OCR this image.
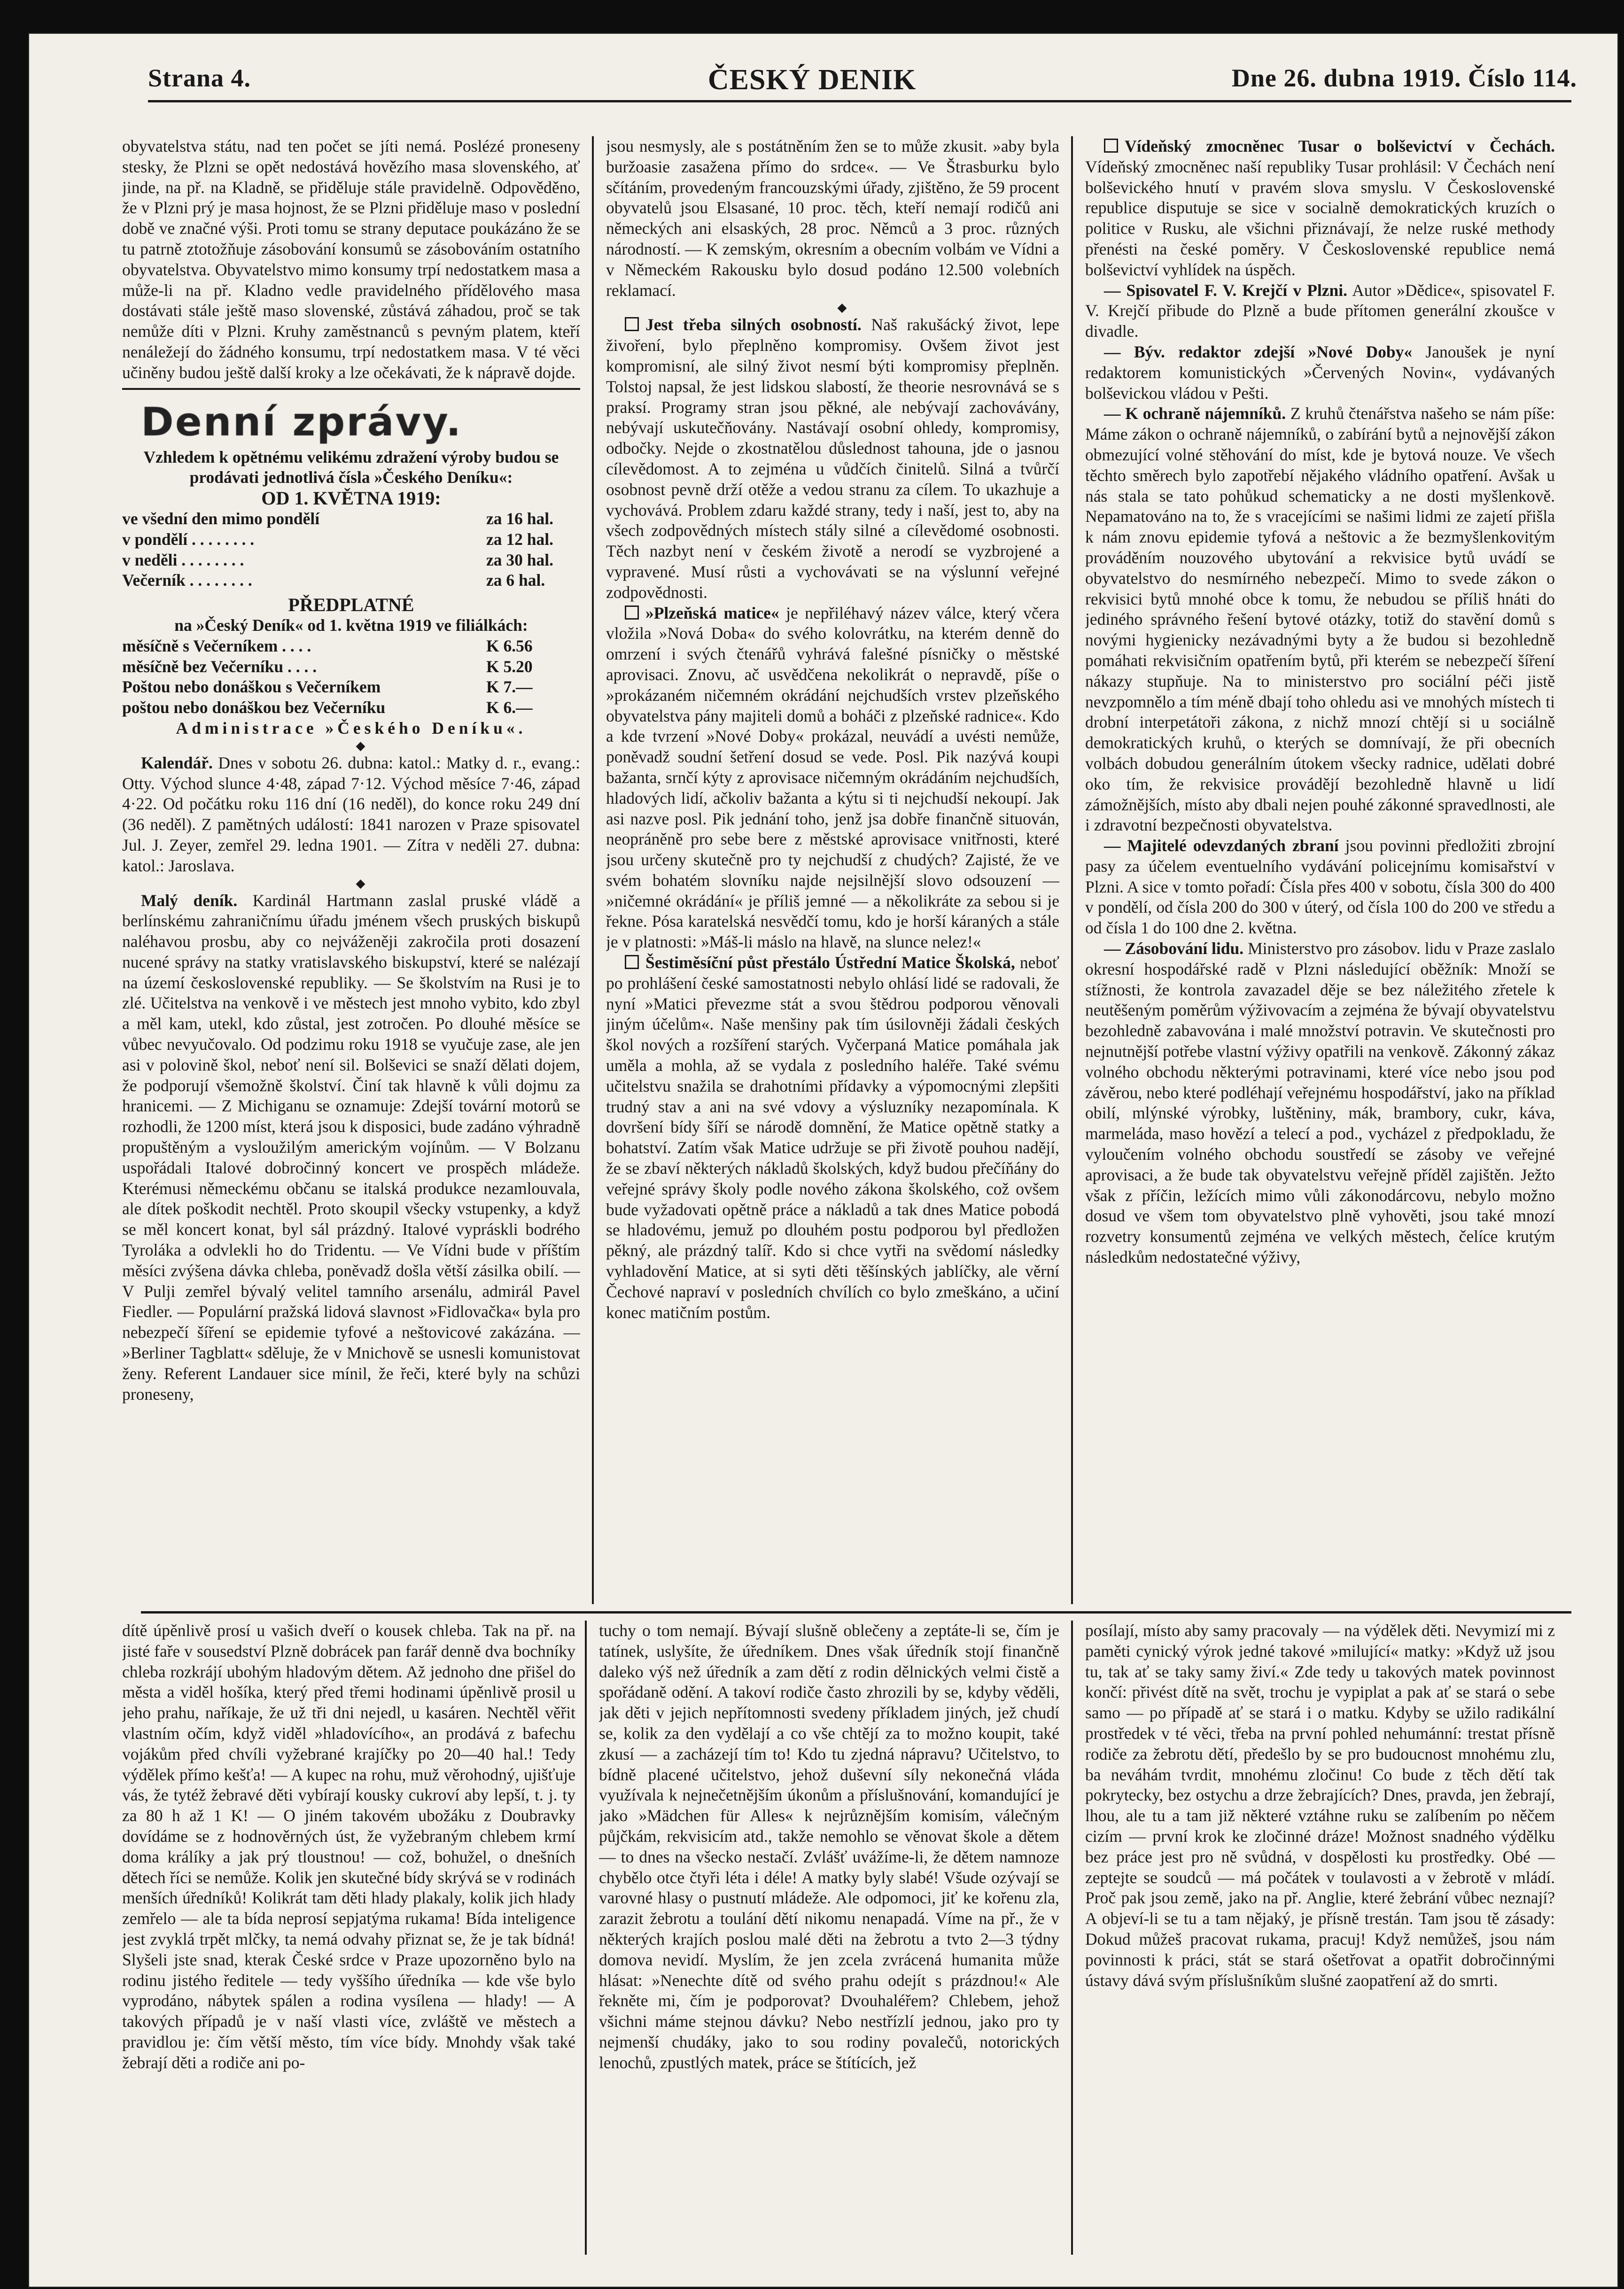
Strana 4.	ČESKÝ DENIK	Dne 26. dubna 1919. Číslo 114.

obyvatelstva státu, nad ten počet se jíti nemá. Poslézé proneseny stesky, že Plzni se opět nedostává hovězího masa slovenského, ať jinde, na př. na Kladně, se přiděluje stále pravidelně. Odpověděno, že v Plzni prý je masa hojnost, že se Plzni přiděluje maso v poslední době ve značné výši. Proti tomu se strany deputace poukázáno že se tu patrně ztotožňuje zásobování konsumů se zásobováním ostatního obyvatelstva. Obyvatelstvo mimo konsumy trpí nedostatkem masa a může-li na př. Kladno vedle pravidelného přídělového masa dostávati stále ještě maso slovenské, zůstává záhadou, proč se tak nemůže díti v Plzni. Kruhy zaměstnanců s pevným platem, kteří nenáležejí do žádného konsumu, trpí nedostatkem masa. V té věci učiněny budou ještě další kroky a lze očekávati, že k nápravě dojde.

Denní zprávy.

Vzhledem k opětnému velikému zdražení výroby budou se prodávati jednotlivá čísla »Českého Deníku«:

OD 1. KVĚTNA 1919:

ve všední den mimo pondělí	za 16 hal.
v pondělí . . . . . . . .	za 12 hal.
v neděli . . . . . . . .	za 30 hal.
Večerník . . . . . . . .	za 6 hal.

PŘEDPLATNÉ

na »Český Deník« od 1. května 1919 ve filiálkách:

měsíčně s Večerníkem . . . .	K 6.56
měsíčně bez Večerníku . . . .	K 5.20
Poštou nebo donáškou s Večerníkem	K 7.—
poštou nebo donáškou bez Večerníku	K 6.—

Administrace »Českého Deníku«.

◆

Kalendář. Dnes v sobotu 26. dubna: katol.: Matky d. r., evang.: Otty. Východ slunce 4·48, západ 7·12. Východ měsíce 7·46, západ 4·22. Od počátku roku 116 dní (16 neděl), do konce roku 249 dní (36 neděl). Z pamětných událostí: 1841 narozen v Praze spisovatel Jul. J. Zeyer, zemřel 29. ledna 1901. — Zítra v neděli 27. dubna: katol.: Jaroslava.

◆

Malý deník. Kardinál Hartmann zaslal pruské vládě a berlínskému zahraničnímu úřadu jménem všech pruských biskupů naléhavou prosbu, aby co nejváženěji zakročila proti dosazení nucené správy na statky vratislavského biskupství, které se nalézají na území československé republiky. — Se školstvím na Rusi je to zlé. Učitelstva na venkově i ve městech jest mnoho vybito, kdo zbyl a měl kam, utekl, kdo zůstal, jest zotročen. Po dlouhé měsíce se vůbec nevyučovalo. Od podzimu roku 1918 se vyučuje zase, ale jen asi v polovině škol, neboť není sil. Bolševici se snaží dělati dojem, že podporují všemožně školství. Činí tak hlavně k vůli dojmu za hranicemi. — Z Michiganu se oznamuje: Zdejší tovární motorů se rozhodli, že 1200 míst, která jsou k disposici, bude zadáno výhradně propuštěným a vysloužilým americkým vojínům. — V Bolzanu uspořádali Italové dobročinný koncert ve prospěch mládeže. Kterémusi německému občanu se italská produkce nezamlouvala, ale dítek poškodit nechtěl. Proto skoupil všecky vstupenky, a když se měl koncert konat, byl sál prázdný. Italové vypráskli bodrého Tyroláka a odvlekli ho do Tridentu. — Ve Vídni bude v příštím měsíci zvýšena dávka chleba, poněvadž došla větší zásilka obilí. — V Pulji zemřel bývalý velitel tamního arsenálu, admirál Pavel Fiedler. — Populární pražská lidová slavnost »Fidlovačka« byla pro nebezpečí šíření se epidemie tyfové a neštovicové zakázána. — »Berliner Tagblatt« sděluje, že v Mnichově se usnesli komunistovat ženy. Referent Landauer sice mínil, že řeči, které byly na schůzi proneseny,

jsou nesmysly, ale s postátněním žen se to může zkusit. »aby byla buržoasie zasažena přímo do srdce«. — Ve Štrasburku bylo sčítáním, provedeným francouzskými úřady, zjištěno, že 59 procent obyvatelů jsou Elsasané, 10 proc. těch, kteří nemají rodičů ani německých ani elsaských, 28 proc. Němců a 3 proc. různých národností. — K zemským, okresním a obecním volbám ve Vídni a v Německém Rakousku bylo dosud podáno 12.500 volebních reklamací.

◆

Jest třeba silných osobností. Naš rakušácký život, lepe živoření, bylo přeplněno kompromisy. Ovšem život jest kompromisní, ale silný život nesmí býti kompromisy přeplněn. Tolstoj napsal, že jest lidskou slabostí, že theorie nesrovnává se s praksí. Programy stran jsou pěkné, ale nebývají zachovávány, nebývají uskutečňovány. Nastávají osobní ohledy, kompromisy, odbočky. Nejde o zkostnatělou důslednost tahouna, jde o jasnou cílevědomost. A to zejména u vůdčích činitelů. Silná a tvůrčí osobnost pevně drží otěže a vedou stranu za cílem. To ukazhuje a vychovává. Problem zdaru každé strany, tedy i naší, jest to, aby na všech zodpovědných místech stály silné a cílevědomé osobnosti. Těch nazbyt není v českém životě a nerodí se vyzbrojené a vypravené. Musí růsti a vychovávati se na výslunní veřejné zodpovědnosti.

»Plzeňská matice« je nepřiléhavý název válce, který včera vložila »Nová Doba« do svého kolovrátku, na kterém denně do omrzení i svých čtenářů vyhrává falešné písničky o městské aprovisaci. Znovu, ač usvědčena nekolikrát o nepravdě, píše o »prokázaném ničemném okrádání nejchudších vrstev plzeňského obyvatelstva pány majiteli domů a boháči z plzeňské radnice«. Kdo a kde tvrzení »Nové Doby« prokázal, neuvádí a uvésti nemůže, poněvadž soudní šetření dosud se vede. Posl. Pik nazývá koupi bažanta, srnčí kýty z aprovisace ničemným okrádáním nejchudších, hladových lidí, ačkoliv bažanta a kýtu si ti nejchudší nekoupí. Jak asi nazve posl. Pik jednání toho, jenž jsa dobře finančně situován, neopráněně pro sebe bere z městské aprovisace vnitřnosti, které jsou určeny skutečně pro ty nejchudší z chudých? Zajisté, že ve svém bohatém slovníku najde nejsilnější slovo odsouzení — »ničemné okrádání« je příliš jemné — a několikráte za sebou si je řekne. Pósa karatelská nesvědčí tomu, kdo je horší káraných a stále je v platnosti: »Máš-li máslo na hlavě, na slunce nelez!«

Šestiměsíční půst přestálo Ústřední Matice Školská, neboť po prohlášení české samostatnosti nebylo ohlásí lidé se radovali, že nyní »Matici převezme stát a svou štědrou podporou věnovali jiným účelům«. Naše menšiny pak tím úsilovněji žádali českých škol nových a rozšíření starých. Vyčerpaná Matice pomáhala jak uměla a mohla, až se vydala z posledního haléře. Také svému učitelstvu snažila se drahotními přídavky a výpomocnými zlepšiti trudný stav a ani na své vdovy a výsluzníky nezapomínala. K dovršení bídy šíří se národě domnění, že Matice opětně statky a bohatství. Zatím však Matice udržuje se při životě pouhou nadějí, že se zbaví některých nákladů školských, když budou přečíňány do veřejné správy školy podle nového zákona školského, což ovšem bude vyžadovati opětně práce a nákladů a tak dnes Matice pobodá se hladovému, jemuž po dlouhém postu podporou byl předložen pěkný, ale prázdný talíř. Kdo si chce vytři na svědomí následky vyhladovění Matice, at si syti děti těšínských jablíčky, ale věrní Čechové napraví v posledních chvílích co bylo zmeškáno, a učiní konec matičním postům.

Vídeňský zmocněnec Tusar o bolševictví v Čechách. Vídeňský zmocněnec naší republiky Tusar prohlásil: V Čechách není bolševického hnutí v pravém slova smyslu. V Československé republice disputuje se sice v socialně demokratických kruzích o politice v Rusku, ale všichni přiznávají, že nelze ruské methody přenésti na české poměry. V Československé republice nemá bolševictví vyhlídek na úspěch.

— Spisovatel F. V. Krejčí v Plzni. Autor »Dědice«, spisovatel F. V. Krejčí přibude do Plzně a bude přítomen generální zkoušce v divadle.

— Býv. redaktor zdejší »Nové Doby« Janoušek je nyní redaktorem komunistických »Červených Novin«, vydávaných bolševickou vládou v Pešti.

— K ochraně nájemníků. Z kruhů čtenářstva našeho se nám píše: Máme zákon o ochraně nájemníků, o zabírání bytů a nejnovější zákon obmezující volné stěhování do míst, kde je bytová nouze. Ve všech těchto směrech bylo zapotřebí nějakého vládního opatření. Avšak u nás stala se tato pohůkud schematicky a ne dosti myšlenkově. Nepamatováno na to, že s vracejícími se našimi lidmi ze zajetí přišla k nám znovu epidemie tyfová a neštovic a že bezmyšlenkovitým prováděním nouzového ubytování a rekvisice bytů uvádí se obyvatelstvo do nesmírného nebezpečí. Mimo to svede zákon o rekvisici bytů mnohé obce k tomu, že nebudou se příliš hnáti do jediného správného řešení bytové otázky, totiž do stavění domů s novými hygienicky nezávadnými byty a že budou si bezohledně pomáhati rekvisičním opatřením bytů, při kterém se nebezpečí šíření nákazy stupňuje. Na to ministerstvo pro sociální péči jistě nevzpomnělo a tím méně dbají toho ohledu asi ve mnohých místech ti drobní interpetátoři zákona, z nichž mnozí chtějí si u sociálně demokratických kruhů, o kterých se domnívají, že při obecních volbách dobudou generálním útokem všecky radnice, udělati dobré oko tím, že rekvisice provádějí bezohledně hlavně u lidí zámožnějších, místo aby dbali nejen pouhé zákonné spravedlnosti, ale i zdravotní bezpečnosti obyvatelstva.

— Majitelé odevzdaných zbraní jsou povinni předložiti zbrojní pasy za účelem eventuelního vydávání policejnímu komisařství v Plzni. A sice v tomto pořadí: Čísla přes 400 v sobotu, čísla 300 do 400 v pondělí, od čísla 200 do 300 v úterý, od čísla 100 do 200 ve středu a od čísla 1 do 100 dne 2. května.

— Zásobování lidu. Ministerstvo pro zásobov. lidu v Praze zaslalo okresní hospodářské radě v Plzni následující oběžník: Množí se stížnosti, že kontrola zavazadel děje se bez náležitého zřetele k neutěšeným poměrům výživovacím a zejména že bývají obyvatelstvu bezohledně zabavována i malé množství potravin. Ve skutečnosti pro nejnutnější potřebe vlastní výživy opatřili na venkově. Zákonný zákaz volného obchodu některými potravinami, které více nebo jsou pod závěrou, nebo které podléhají veřejnému hospodářství, jako na příklad obilí, mlýnské výrobky, luštěniny, mák, brambory, cukr, káva, marmeláda, maso hovězí a telecí a pod., vycházel z předpokladu, že vyloučením volného obchodu soustředí se zásoby ve veřejné aprovisaci, a že bude tak obyvatelstvu veřejně příděl zajištěn. Ježto však z příčin, ležících mimo vůli zákonodárcovu, nebylo možno dosud ve všem tom obyvatelstvo plně vyhověti, jsou také mnozí rozvetry konsumentů zejména ve velkých městech, čelíce krutým následkům nedostatečné výživy,

dítě úpěnlivě prosí u vašich dveří o kousek chleba. Tak na př. na jisté faře v sousedství Plzně dobrácek pan farář denně dva bochníky chleba rozkrájí ubohým hladovým dětem. Až jednoho dne přišel do města a viděl hošíka, který před třemi hodinami úpěnlivě prosil u jeho prahu, naříkaje, že už tři dni nejedl, u kasáren. Nechtěl věřit vlastním očím, když viděl »hladovícího«, an prodává z bafechu vojákům před chvíli vyžebrané krajíčky po 20—40 hal.! Tedy výdělek přímo kešťa! — A kupec na rohu, muž věrohodný, ujišťuje vás, že tytéž žebravé děti vybírají kousky cukroví aby lepší, t. j. ty za 80 h až 1 K! — O jiném takovém ubožáku z Doubravky dovídáme se z hodnověrných úst, že vyžebraným chlebem krmí doma králíky a jak prý tloustnou! — což, bohužel, o dnešních dětech říci se nemůže. Kolik jen skutečné bídy skrývá se v rodinách menších úředníků! Kolikrát tam děti hlady plakaly, kolik jich hlady zemřelo — ale ta bída neprosí sepjatýma rukama! Bída inteligence jest zvyklá trpět mlčky, ta nemá odvahy přiznat se, že je tak bídná! Slyšeli jste snad, kterak České srdce v Praze upozorněno bylo na rodinu jistého ředitele — tedy vyššího úředníka — kde vše bylo vyprodáno, nábytek spálen a rodina vysílena — hlady! — A takových případů je v naší vlasti více, zvláště ve městech a pravidlou je: čím větší město, tím více bídy. Mnohdy však také žebrají děti a rodiče ani po-

tuchy o tom nemají. Bývají slušně oblečeny a zeptáte-li se, čím je tatínek, uslyšíte, že úředníkem. Dnes však úředník stojí finančně daleko výš než úředník a zam dětí z rodin dělnických velmi čistě a spořádaně odění. A takoví rodiče často zhrozili by se, kdyby věděli, jak děti v jejich nepřítomnosti svedeny příkladem jiných, jež chudí se, kolik za den vydělají a co vše chtějí za to možno koupit, také zkusí — a zacházejí tím to! Kdo tu zjedná nápravu? Učitelstvo, to bídně placené učitelstvo, jehož duševní síly nekonečná vláda využívala k nejnečetnějším úkonům a příslušnování, komandující je jako »Mädchen für Alles« k nejrůznějším komisím, válečným půjčkám, rekvisicím atd., takže nemohlo se věnovat škole a dětem — to dnes na všecko nestačí. Zvlášť uvážíme-li, že dětem namnoze chybělo otce čtyři léta i déle! A matky byly slabé! Všude ozývají se varovné hlasy o pustnutí mládeže. Ale odpomoci, jiť ke kořenu zla, zarazit žebrotu a toulání dětí nikomu nenapadá. Víme na př., že v některých krajích poslou malé děti na žebrotu a tvto 2—3 týdny domova nevidí. Myslím, že jen zcela zvrácená humanita může hlásat: »Nenechte dítě od svého prahu odejít s prázdnou!« Ale řekněte mi, čím je podporovat? Dvouhaléřem? Chlebem, jehož všichni máme stejnou dávku? Nebo nestřízlí jednou, jako pro ty nejmenší chudáky, jako to sou rodiny povalečů, notorických lenochů, zpustlých matek, práce se štítících, jež

posílají, místo aby samy pracovaly — na výdělek děti. Nevymizí mi z paměti cynický výrok jedné takové »milující« matky: »Když už jsou tu, tak ať se taky samy živí.« Zde tedy u takových matek povinnost končí: přivést dítě na svět, trochu je vypiplat a pak ať se stará o sebe samo — po případě ať se stará i o matku. Kdyby se užilo radikální prostředek v té věci, třeba na první pohled nehumánní: trestat přísně rodiče za žebrotu dětí, předešlo by se pro budoucnost mnohému zlu, ba neváhám tvrdit, mnohému zločinu! Co bude z těch dětí tak pokrytecky, bez ostychu a drze žebrajících? Dnes, pravda, jen žebrají, lhou, ale tu a tam již některé vztáhne ruku se zalíbením po něčem cizím — první krok ke zločinné dráze! Možnost snadného výdělku bez práce jest pro ně svůdná, v dospělosti ku prostředky. Obé — zeptejte se soudců — má počátek v toulavosti a v žebrotě v mládí. Proč pak jsou země, jako na př. Anglie, které žebrání vůbec neznají? A objeví-li se tu a tam nějaký, je přísně trestán. Tam jsou tě zásady: Dokud můžeš pracovat rukama, pracuj! Když nemůžeš, jsou nám povinnosti k práci, stát se stará ošetřovat a opatřit dobročinnými ústavy dává svým příslušníkům slušné zaopatření až do smrti.
